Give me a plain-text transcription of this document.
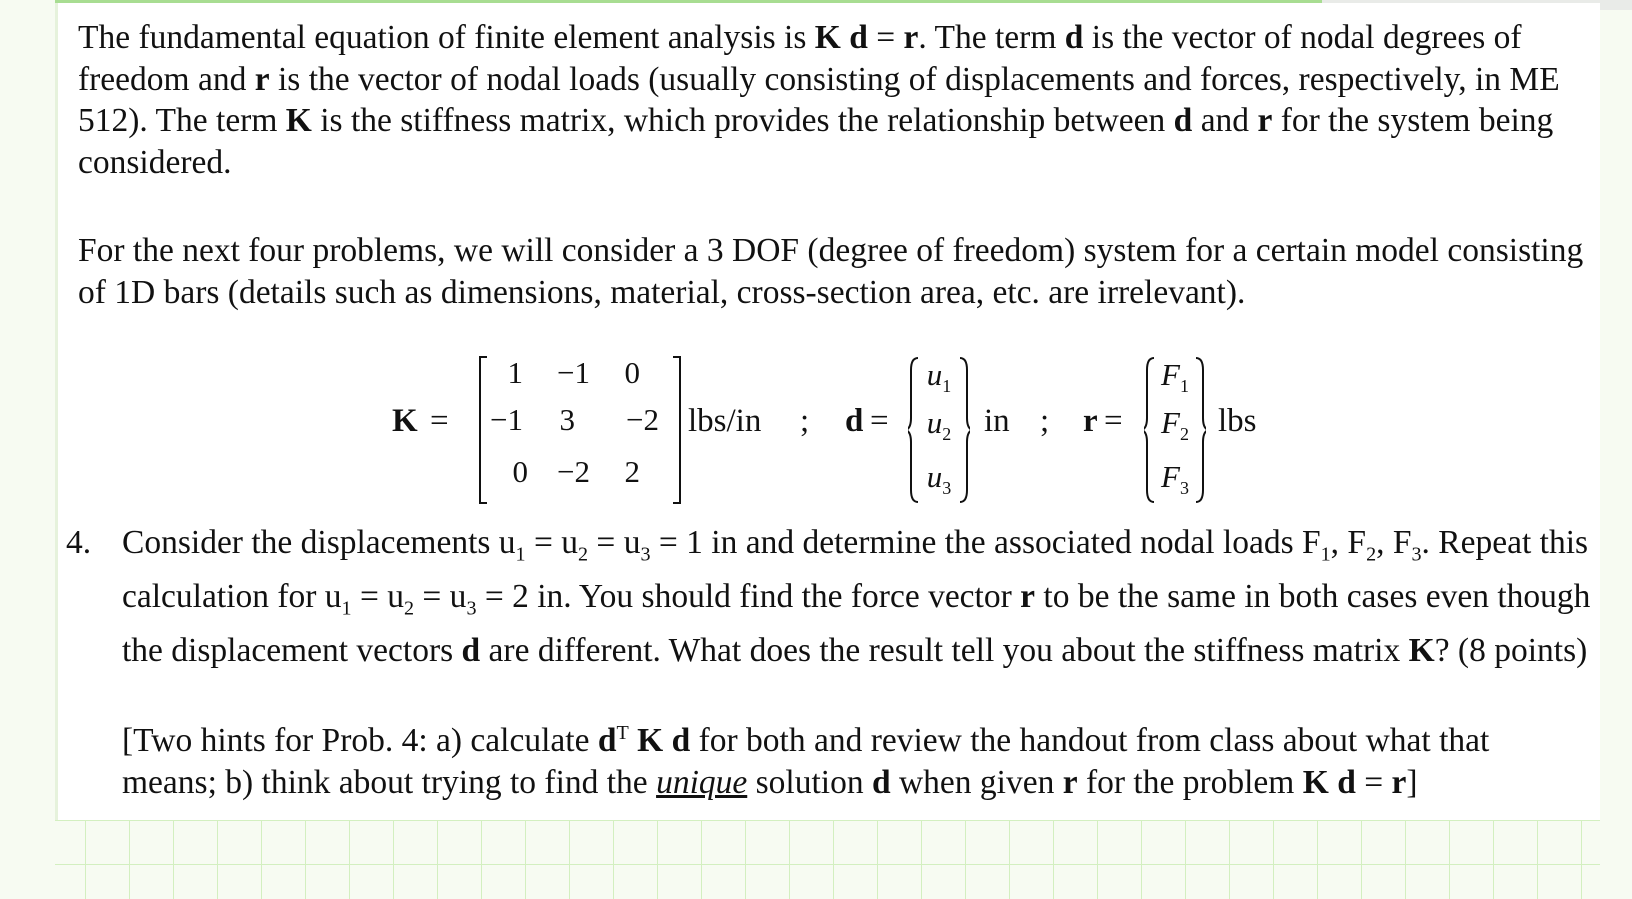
The fundamental equation of finite element analysis is K d = r. The term d is the vector of nodal degrees of freedom and r is the vector of nodal loads (usually consisting of displacements and forces, respectively, in ME 512). The term K is the stiffness matrix, which provides the relationship between d and r for the system being considered.

For the next four problems, we will consider a 3 DOF (degree of freedom) system for a certain model consisting of 1D bars (details such as dimensions, material, cross-section area, etc. are irrelevant).

K =
1	−1	0
−1	3	−2
0 −2	2
lbs/in ; d =
$u_1$
$u_2$
$u_3$
in ; r =
$F_1$
$F_2$
$F_3$
lbs
4. Consider the displacements $u_1 = u_2 = u_3 = 1$ in and determine the associated nodal loads $F_1$, $F_2$, $F_3$. Repeat this calculation for $u_1 = u_2 = u_3 = 2$ in. You should find the force vector r to be the same in both cases even though the displacement vectors d are different. What does the result tell you about the stiffness matrix K? (8 points)
[Two hints for Prob. 4: a) calculate $d^T$ K d for both and review the handout from class about what that means; b) think about trying to find the unique solution d when given r for the problem K d = r]
